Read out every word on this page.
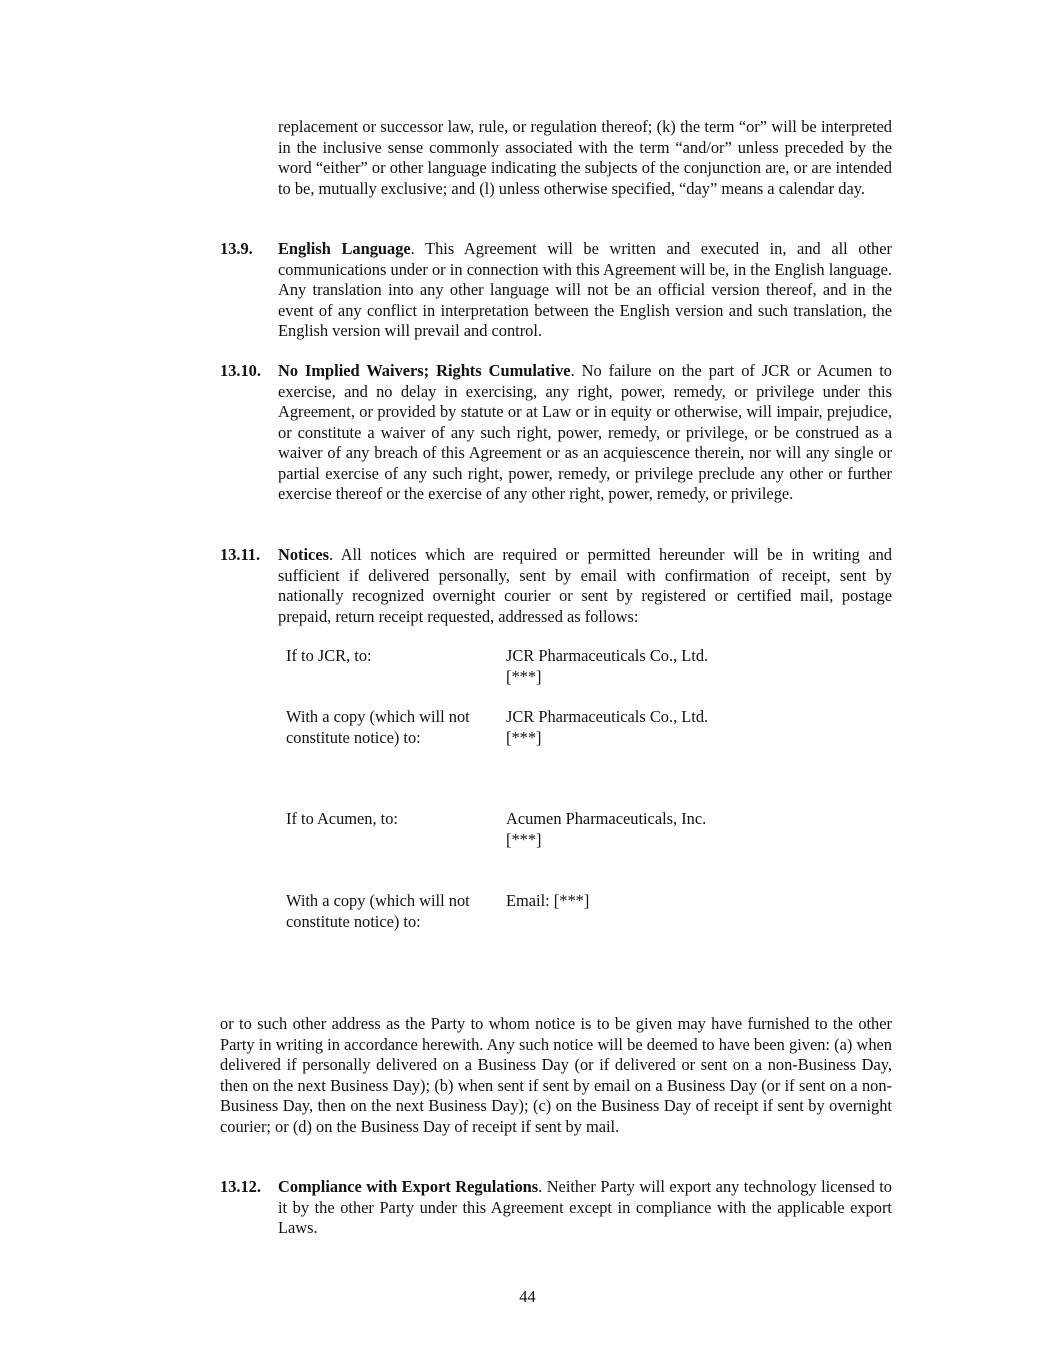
replacement or successor law, rule, or regulation thereof; (k) the term “or” will be interpreted in the inclusive sense commonly associated with the term “and/or” unless preceded by the word “either” or other language indicating the subjects of the conjunction are, or are intended to be, mutually exclusive; and (l) unless otherwise specified, “day” means a calendar day.
13.9. English Language. This Agreement will be written and executed in, and all other communications under or in connection with this Agreement will be, in the English language. Any translation into any other language will not be an official version thereof, and in the event of any conflict in interpretation between the English version and such translation, the English version will prevail and control.
13.10. No Implied Waivers; Rights Cumulative. No failure on the part of JCR or Acumen to exercise, and no delay in exercising, any right, power, remedy, or privilege under this Agreement, or provided by statute or at Law or in equity or otherwise, will impair, prejudice, or constitute a waiver of any such right, power, remedy, or privilege, or be construed as a waiver of any breach of this Agreement or as an acquiescence therein, nor will any single or partial exercise of any such right, power, remedy, or privilege preclude any other or further exercise thereof or the exercise of any other right, power, remedy, or privilege.
13.11. Notices. All notices which are required or permitted hereunder will be in writing and sufficient if delivered personally, sent by email with confirmation of receipt, sent by nationally recognized overnight courier or sent by registered or certified mail, postage prepaid, return receipt requested, addressed as follows:
If to JCR, to:	JCR Pharmaceuticals Co., Ltd.
[***]
With a copy (which will not constitute notice) to:
JCR Pharmaceuticals Co., Ltd.
[***]
If to Acumen, to:	Acumen Pharmaceuticals, Inc.
[***]
With a copy (which will not constitute notice) to:
Email: [***]
or to such other address as the Party to whom notice is to be given may have furnished to the other Party in writing in accordance herewith. Any such notice will be deemed to have been given: (a) when delivered if personally delivered on a Business Day (or if delivered or sent on a non-Business Day, then on the next Business Day); (b) when sent if sent by email on a Business Day (or if sent on a non-Business Day, then on the next Business Day); (c) on the Business Day of receipt if sent by overnight courier; or (d) on the Business Day of receipt if sent by mail.
13.12. Compliance with Export Regulations. Neither Party will export any technology licensed to it by the other Party under this Agreement except in compliance with the applicable export Laws.
44
